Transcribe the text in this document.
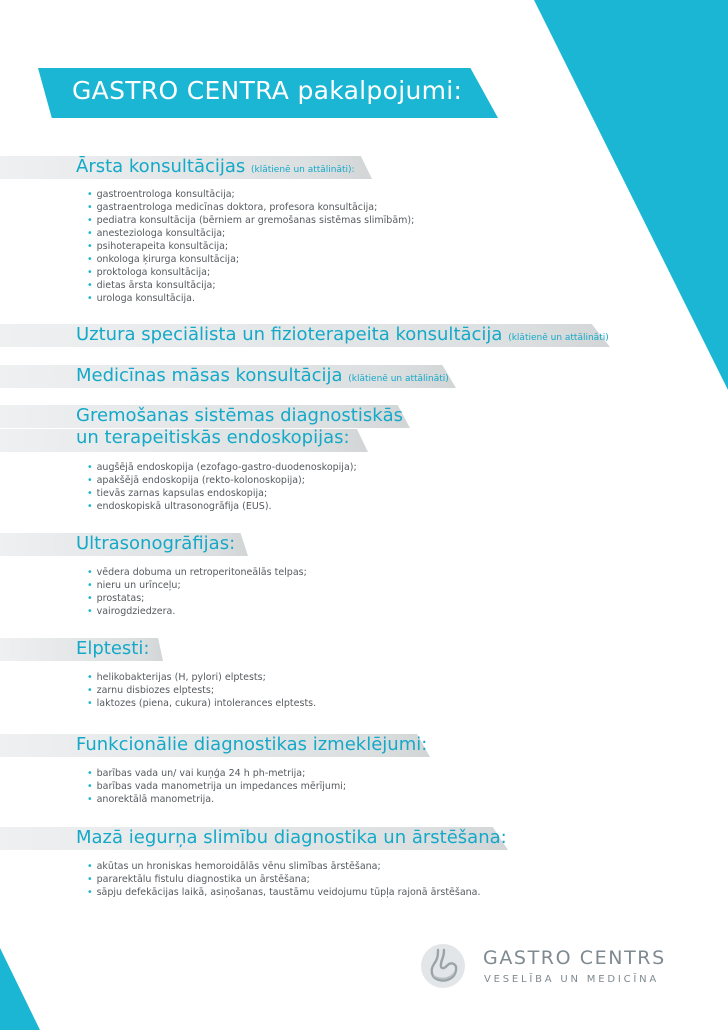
GASTRO CENTRA pakalpojumi:
Ārsta konsultācijas (klātienē un attālināti):
• gastroentrologa konsultācija;
• gastraentrologa medicīnas doktora, profesora konsultācija;
• pediatra konsultācija (bērniem ar gremošanas sistēmas slimībām);
• anesteziologa konsultācija;
• psihoterapeita konsultācija;
• onkologa ķirurga konsultācija;
• proktologa konsultācija;
• dietas ārsta konsultācija;
• urologa konsultācija.
Uztura speciālista un fizioterapeita konsultācija (klātienē un attālināti)
Medicīnas māsas konsultācija (klātienē un attālināti)
Gremošanas sistēmas diagnostiskās
un terapeitiskās endoskopijas:
• augšējā endoskopija (ezofago-gastro-duodenoskopija);
• apakšējā endoskopija (rekto-kolonoskopija);
• tievās zarnas kapsulas endoskopija;
• endoskopiskā ultrasonogrāfija (EUS).
Ultrasonogrāfijas:
• vēdera dobuma un retroperitoneālās telpas;
• nieru un urīnceļu;
• prostatas;
• vairogdziedzera.
Elptesti:
• helikobakterijas (H, pylori) elptests;
• zarnu disbiozes elptests;
• laktozes (piena, cukura) intolerances elptests.
Funkcionālie diagnostikas izmeklējumi:
• barības vada un/ vai kuņģa 24 h ph-metrija;
• barības vada manometrija un impedances mērījumi;
• anorektālā manometrija.
Mazā iegurņa slimību diagnostika un ārstēšana:
• akūtas un hroniskas hemoroidālās vēnu slimības ārstēšana;
• pararektālu fistulu diagnostika un ārstēšana;
• sāpju defekācijas laikā, asiņošanas, taustāmu veidojumu tūpļa rajonā ārstēšana.
GASTRO CENTRS
VESELĪBA UN MEDICĪNA
